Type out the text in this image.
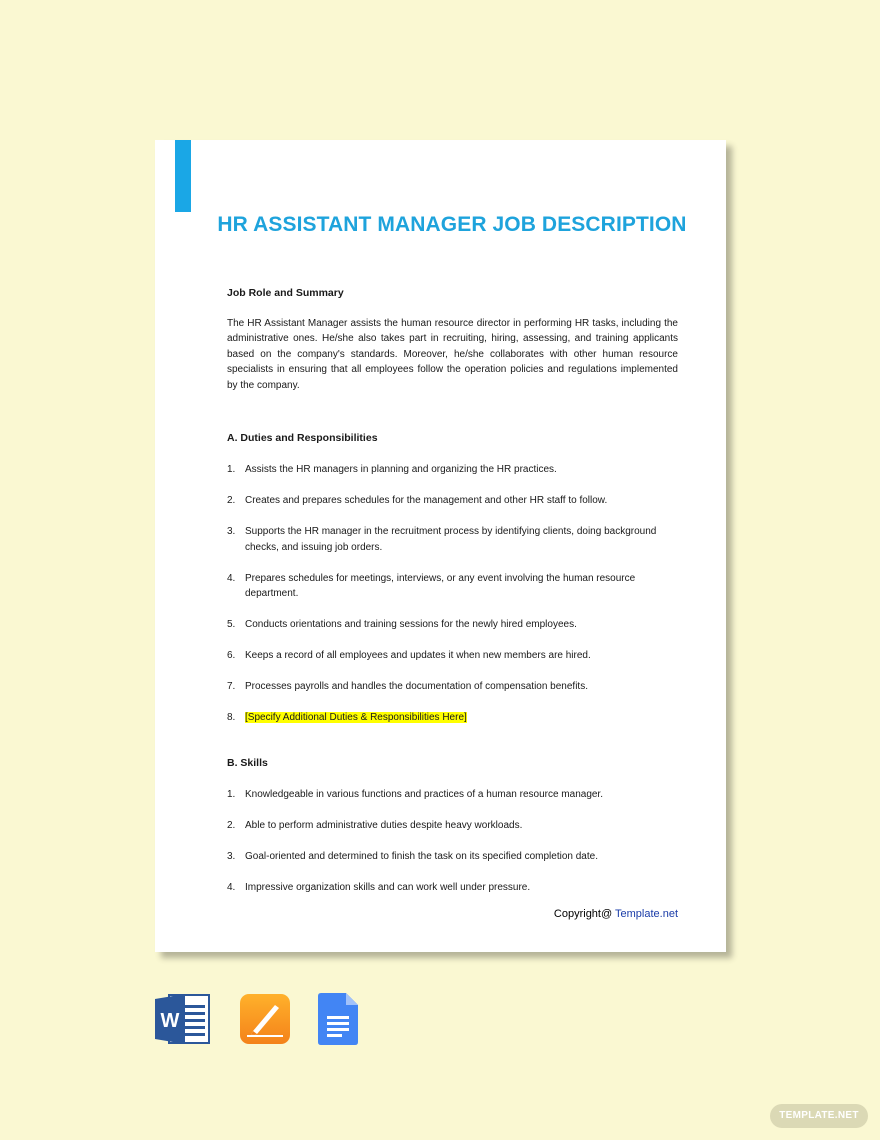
HR ASSISTANT MANAGER JOB DESCRIPTION

Job Role and Summary

The HR Assistant Manager assists the human resource director in performing HR tasks, including the administrative ones. He/she also takes part in recruiting, hiring, assessing, and training applicants based on the company's standards. Moreover, he/she collaborates with other human resource specialists in ensuring that all employees follow the operation policies and regulations implemented by the company.

A. Duties and Responsibilities

1. Assists the HR managers in planning and organizing the HR practices.
2. Creates and prepares schedules for the management and other HR staff to follow.
3. Supports the HR manager in the recruitment process by identifying clients, doing background checks, and issuing job orders.
4. Prepares schedules for meetings, interviews, or any event involving the human resource department.
5. Conducts orientations and training sessions for the newly hired employees.
6. Keeps a record of all employees and updates it when new members are hired.
7. Processes payrolls and handles the documentation of compensation benefits.
8. [Specify Additional Duties & Responsibilities Here]

B. Skills

1. Knowledgeable in various functions and practices of a human resource manager.
2. Able to perform administrative duties despite heavy workloads.
3. Goal-oriented and determined to finish the task on its specified completion date.
4. Impressive organization skills and can work well under pressure.
Copyright@ Template.net
W
TEMPLATE.NET
